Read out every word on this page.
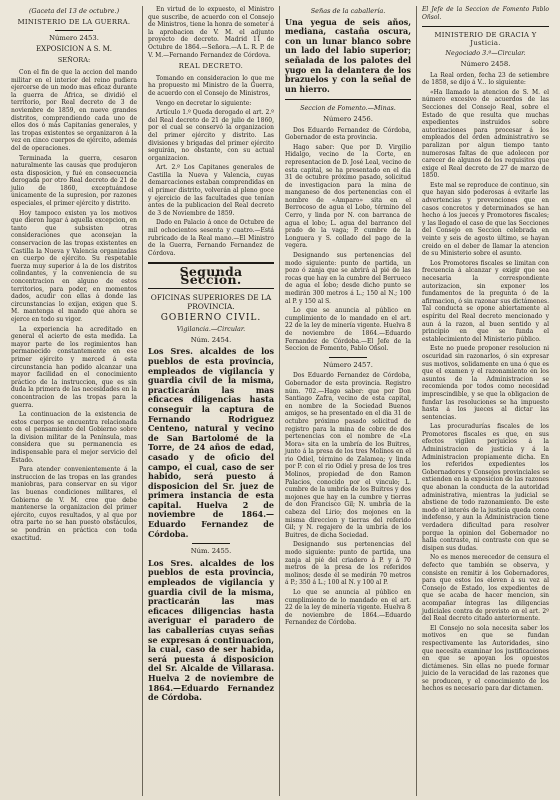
(Gaceta del 13 de octubre.)
MINISTERIO DE LA GUERRA.
Número 2453.
EXPOSICION A S. M.
SEÑORA:

Con el fin de que la accion del mando militar en el interior del reino pudiera ejercerse de un modo mas eficaz durante la guerra de África, se dividió el territorio, por Real decreto de 3 de noviembre de 1859, en nueve grandes distritos, comprendiendo cada uno de ellos dos ó más Capitanías generales, y las tropas existentes se organizaron á la vez en cinco cuerpos de ejército, además del de operaciones.

Terminada la guerra, cesaron naturalmente las causas que produjeron esta disposicion, y fué en consecuencia derogada por otro Real decreto de 21 de julio de 1860, exceptuándose únicamente de la supresion, por razones especiales, el primer ejército y distrito.

Hoy tampoco existen ya los motivos que dieron lugar á aquella excepcion, en tanto que subsisten otras consideraciones que aconsejan la conservacion de las tropas existentes en Castilla la Nueva y Valencia organizadas en cuerpo de ejército. Su respetable fuerza muy superior á la de los distritos colindantes, y la conveniencia de su concentracion en alguno de estos territorios, para poder, en momentos dados, acudir con ellas á donde las circunstancias lo exijan, exigen que S. M. mantenga el mando que ahora se ejerce en todo su vigor.

La experiencia ha acreditado en general el acierto de esta medida. La mayor parte de los regimientos han permanecido constantemente en ese primer ejército y merced á esta circunstancia han podido alcanzar una mayor facilidad en el conocimiento práctico de la instruccion, que es sin duda la primera de las necesidades en la concentracion de las tropas para la guerra.

La continuacion de la existencia de estos cuerpos se encuentra relacionada con el pensamiento del Gobierno sobre la division militar de la Península, mas considera que su permanencia es indispensable para el mejor servicio del Estado.

Para atender convenientemente á la instruccion de las tropas en las grandes maniobras, para conservar en su vigor las buenas condiciones militares, el Gobierno de V. M. cree que debe mantenerse la organizacion del primer ejército, cuyos resultados, y al que por otra parte no se han puesto obstáculos, se pondrán en práctica con toda exactitud.

En virtud de lo expuesto, el Ministro que suscribe, de acuerdo con el Consejo de Ministros, tiene la honra de someter á la aprobacion de V. M. el adjunto proyecto de decreto. Madrid 11 de Octubre de 1864.—Señora.—A L. R. P. de V. M.—Fernando Fernandez de Córdova.

REAL DECRETO.

Tomando en consideracion lo que me ha propuesto mi Ministro de la Guerra, de acuerdo con el Consejo de Ministros,

Vengo en decretar lo siguiente:

Artículo 1.º Queda derogado el art. 2.º del Real decreto de 21 de julio de 1860, por el cual se conservó la organizacion del primer ejército y distrito. Las divisiones y brigadas del primer ejército seguirán, no obstante, con su actual organizacion.

Art. 2.º Los Capitanes generales de Castilla la Nueva y Valencia, cuyas demarcaciones estaban comprendidas en el primer distrito, volverán al pleno goce y ejercicio de las facultades que tenían antes de la publicacion del Real decreto de 3 de Noviembre de 1859.

Dado en Palacio á once de Octubre de mil ochocientos sesenta y cuatro.—Está rubricado de la Real mano.—El Ministro de la Guerra, Fernando Fernandez de Córdova.

Segunda Seccion.
OFICINAS SUPERIORES DE LA PROVINCIA.
GOBIERNO CIVIL.
Vigilancia.—Circular.
Núm. 2454.
Los Sres. alcaldes de los pueblos de esta provincia, empleados de vigilancia y guardia civil de la misma, practicarán las mas eficaces diligencias hasta conseguir la captura de Fernando Rodriguez Centeno, natural y vecino de San Bartolomé de la Torre, de 24 años de edad, casado y de oficio del campo, el cual, caso de ser habido, será puesto á disposicion del Sr. juez de primera instancia de esta capital. Huelva 2 de noviembre de 1864.—Eduardo Fernandez de Córdoba.
Núm. 2455.
Los Sres. alcaldes de los pueblos de esta provincia, empleados de vigilancia y guardia civil de la misma, practicarán las mas eficaces diligencias hasta averiguar el paradero de las caballerías cuyas señas se expresan á continuacion, la cual, caso de ser habida, será puesta á disposicion del Sr. Alcalde de Villarasa. Huelva 2 de noviembre de 1864.—Eduardo Fernandez de Córdoba.
Señas de la caballería.
Una yegua de seis años, mediana, castaña oscura, con un lunar blanco sobre un lado del labio superior; señalada de los palotes del yugo en la delantera de los brazuelos y con la señal de un hierro.
Seccion de Fomento.—Minas.
Número 2456.

Dos Eduardo Fernandez de Córdoba, Gobernador de esta provincia.

Hago saber: Que por D. Virgilio Hidalgo, vecino de la Corte, en representacion de D. José Leal, vecino de esta capital, se ha presentado en el dia 31 de octubre próximo pasado, solicitud de investigacion para la mina de manganeso de dos pertenencias con el nombre de «Amparo» sita en el Berrocoso de agua el Lobo, término del Cerro, y linda por N. con barranca de agua el lobo; L. agua del barranco del prado de la vaga; P. cumbre de la Longuera y S. collado del pago de la vegera.

Designando sus pertenencias del modo siguiente: punto de partida, un pozo ó zanja que se abrirá al pié de las rocas que hay en la cumbre del Berrueco de agua el lobo; desde dicho punto se medirán 300 metros á L.; 150 al N.; 100 al P. y 150 al S.

Lo que se anuncia al público en cumplimiento de lo mandado en el art. 22 de la ley de minería vigente. Huelva 8 de noviembre de 1864.—Eduardo Fernandez de Córdoba.—El Jefe de la Seccion de Fomento, Pablo Oñsol.

Número 2457.

Dos Eduardo Fernandez de Córdoba, Gobernador de esta provincia. Registro núm. 702.—Hago saber: que por Don Santiago Zafra, vecino de esta capital, en nombre de la Sociedad Buenos amigos, se ha presentado en el dia 31 de octubre próximo pasado solicitud de registro para la mina de cobre de dos pertenencias con el nombre de «La Mora» sita en la umbría de los Buitres, junto á la presa de los tres Molinos en el rio Odiel, término de Zalamea; y linda por P. con el rio Odiel y presa de los tres Molinos, propiedad de don Ramon Palacios, conocido por el vinculo; L. cumbre de la umbría de los Buitres y dos mojones que hay en la cumbre y tierras de don Francisco Gil; N. umbría de la cabeza del Lirio; dos mojones en la misma direccion y tierras del referido Gil; y N. regajero de la umbría de los Buitres, de dicha Sociedad.

Designando sus pertenencias del modo siguiente: punto de partida, una zanja al pié del criadero á P. y á 70 metros de la presa de los referidos molinos; desde él se medirán 70 metros á P.; 350 á L.; 100 al N. y 100 al P.

Lo que se anuncia al público en cumplimiento de lo mandado en el art. 22 de la ley de minería vigente. Huelva 8 de noviembre de 1864.—Eduardo Fernandez de Córdoba.

El Jefe de la Seccion de Fomento Pablo Oñsol.

MINISTERIO DE GRACIA Y Justicia.
Negociado 3.º—Circular.
Número 2458.

La Real orden, fecha 23 de setiembre de 1858, se dijo á V... lo siguiente:

«Ha llamado la atencion de S. M. el número excesivo de acuerdos de las Secciones del Consejo Real, sobre el Estado de que resulta que muchas expedientes instruidos sobre autorizaciones para procesar á los empleados del órden administrativo se paralizan por algun tiempo tanto numerosas faltas de que adolecen por carecer de algunos de los requisitos que exige el Real decreto de 27 de marzo de 1850.

Este mal se reproduce de continuo, sin que hayan sido poderosas á evitarle las advertencias y prevenciones que en casos concretos y determinados se han hecho á los jueces y Promotores fiscales; y las llegado el caso de que las Secciones del Consejo en Seccion celebrada en veinte y seis de agosto último, se hayan creido en el deber de llamar la atencion de su Ministerio sobre el asunto.

Los Promotores fiscales se limitan con frecuencia á alcanzar y exigir que sea necesaria la correspondiente autorizacion, sin exponer los fundamentos de la pregunta ó de la afirmacion, ó sin razonar sus dictámenes. Tal conducta se opone abiertamente al espíritu del Real decreto mencionado y aun á la razon, al buen sentido y al principio en que se funda el establecimiento del Ministerio público.

Este no puede proponer resolucion ni oscuridad sin razonarlos, ó sin expresar sus motivos, solidamente en una ó que es que el examen y el razonamiento en los asuntos de la Administracion se recomienda por todos como necesidad imprescindible, y se que la obligacion de fundar las resoluciones se ha impuesto hasta á los jueces al dictar las sentencias.

Las procuradurías fiscales de los Promotores fiscales es que, en sus efectos vigilen perjuicios á la Administracion de justicia y á la Administracion propiamente dicha. En los referidos expedientes los Gobernadores y Consejos provinciales se extienden en la exposicion de las razones que abonan la conducta de la autoridad administrativa, mientras la judicial se abstiene de todo razonamiento. De este modo el interés de la justicia queda como indefenso, y aun la Administracion tiene verdadera dificultad para resolver porque la opinion del Gobernador no halla contraste, ni contraste con que se disipen sus dudas.

No es menos merecedor de censura el defecto que también se observa, y consiste en remitir á los Gobernadores, para que estos los eleven á su vez al Consejo de Estado, los expedientes de que se acaba de hacer mencion, sin acompañar íntegras las diligencias judiciales contra de previsto en el art. 2º del Real decreto citado anteriormente.

El Consejo no sola necesita saber los motivos en que se fundan respectivamente las Autoridades, sino que necesita examinar los justificaciones en que se apoyan los opuestos dictámenes. Sin ellas no puede formar juicio de la veracidad de las razones que se producen, y el conocimiento de los hechos es necesario para dar dictamen.
